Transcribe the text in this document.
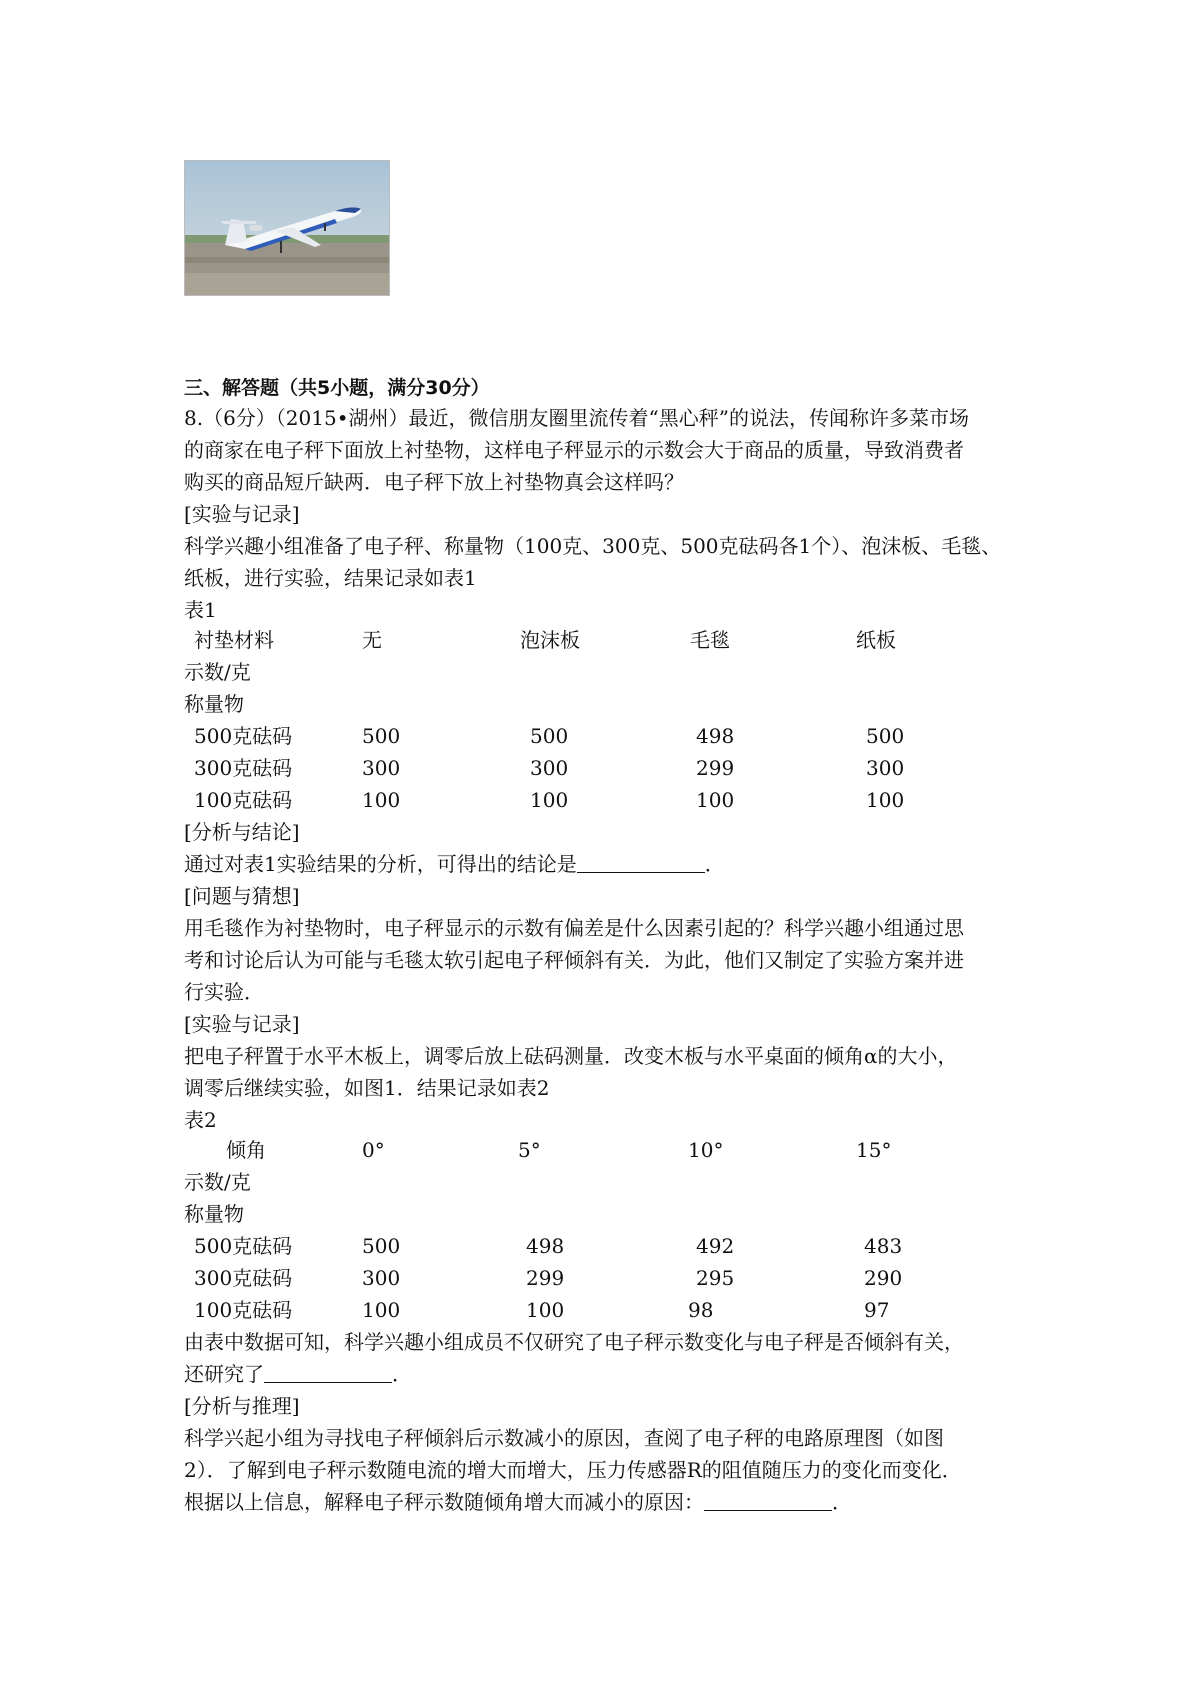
三、解答题（共5小题，满分30分）
8.（6分）（2015•湖州）最近，微信朋友圈里流传着“黑心秤”的说法，传闻称许多菜市场
的商家在电子秤下面放上衬垫物，这样电子秤显示的示数会大于商品的质量，导致消费者
购买的商品短斤缺两．电子秤下放上衬垫物真会这样吗？
[实验与记录]
科学兴趣小组准备了电子秤、称量物（100克、300克、500克砝码各1个）、泡沫板、毛毯、
纸板，进行实验，结果记录如表1
表1
衬垫材料	无	泡沫板	毛毯	纸板
示数/克
称量物
500克砝码	500	500	498	500
300克砝码	300	300	299	300
100克砝码	100	100	100	100
[分析与结论]
通过对表1实验结果的分析，可得出的结论是	．
[问题与猜想]
用毛毯作为衬垫物时，电子秤显示的示数有偏差是什么因素引起的？科学兴趣小组通过思
考和讨论后认为可能与毛毯太软引起电子秤倾斜有关．为此，他们又制定了实验方案并进
行实验．
[实验与记录]
把电子秤置于水平木板上，调零后放上砝码测量．改变木板与水平桌面的倾角α的大小，
调零后继续实验，如图1．结果记录如表2
表2
倾角	0°	5°	10°	15°
示数/克
称量物
500克砝码	500	498	492	483
300克砝码	300	299	295	290
100克砝码	100	100	98	97
由表中数据可知，科学兴趣小组成员不仅研究了电子秤示数变化与电子秤是否倾斜有关，
还研究了	．
[分析与推理]
科学兴起小组为寻找电子秤倾斜后示数减小的原因，查阅了电子秤的电路原理图（如图
2）．了解到电子秤示数随电流的增大而增大，压力传感器R的阻值随压力的变化而变化．
根据以上信息，解释电子秤示数随倾角增大而减小的原因：	．
